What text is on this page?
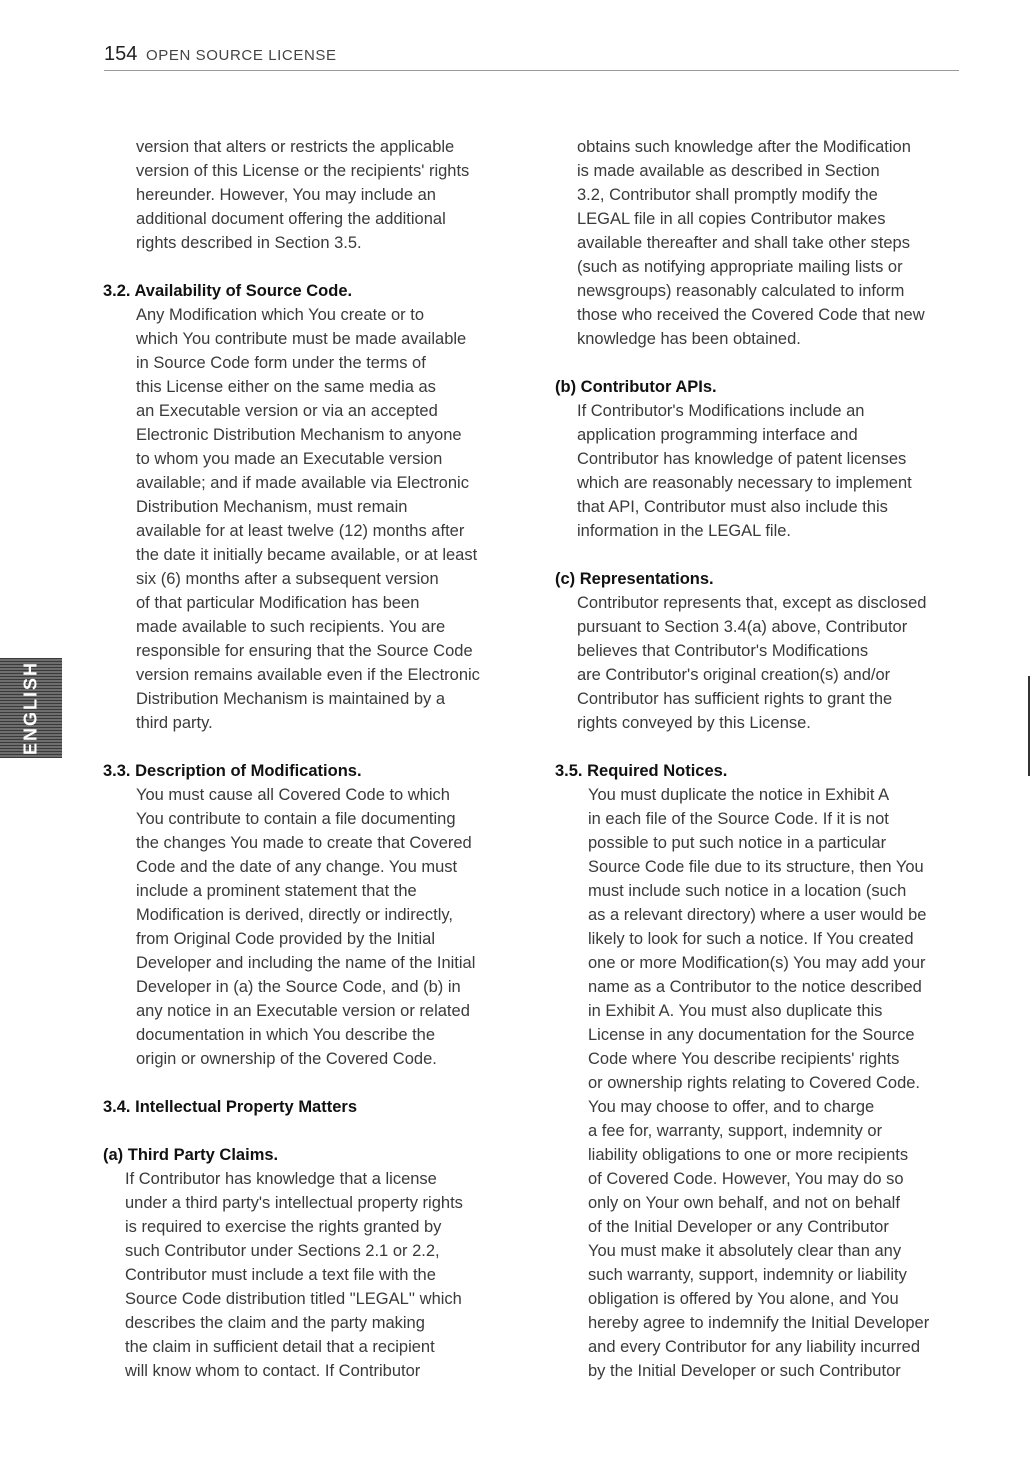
154 OPEN SOURCE LICENSE
ENGLISH
version that alters or restricts the applicable
version of this License or the recipients' rights
hereunder. However, You may include an
additional document offering the additional
rights described in Section 3.5.
3.2. Availability of Source Code.
Any Modification which You create or to
which You contribute must be made available
in Source Code form under the terms of
this License either on the same media as
an Executable version or via an accepted
Electronic Distribution Mechanism to anyone
to whom you made an Executable version
available; and if made available via Electronic
Distribution Mechanism, must remain
available for at least twelve (12) months after
the date it initially became available, or at least
six (6) months after a subsequent version
of that particular Modification has been
made available to such recipients. You are
responsible for ensuring that the Source Code
version remains available even if the Electronic
Distribution Mechanism is maintained by a
third party.
3.3. Description of Modifications.
You must cause all Covered Code to which
You contribute to contain a file documenting
the changes You made to create that Covered
Code and the date of any change. You must
include a prominent statement that the
Modification is derived, directly or indirectly,
from Original Code provided by the Initial
Developer and including the name of the Initial
Developer in (a) the Source Code, and (b) in
any notice in an Executable version or related
documentation in which You describe the
origin or ownership of the Covered Code.
3.4. Intellectual Property Matters
(a) Third Party Claims.
If Contributor has knowledge that a license
under a third party's intellectual property rights
is required to exercise the rights granted by
such Contributor under Sections 2.1 or 2.2,
Contributor must include a text file with the
Source Code distribution titled "LEGAL'' which
describes the claim and the party making
the claim in sufficient detail that a recipient
will know whom to contact. If Contributor
obtains such knowledge after the Modification
is made available as described in Section
3.2, Contributor shall promptly modify the
LEGAL file in all copies Contributor makes
available thereafter and shall take other steps
(such as notifying appropriate mailing lists or
newsgroups) reasonably calculated to inform
those who received the Covered Code that new
knowledge has been obtained.
(b) Contributor APIs.
If Contributor's Modifications include an
application programming interface and
Contributor has knowledge of patent licenses
which are reasonably necessary to implement
that API, Contributor must also include this
information in the LEGAL file.
(c) Representations.
Contributor represents that, except as disclosed
pursuant to Section 3.4(a) above, Contributor
believes that Contributor's Modifications
are Contributor's original creation(s) and/or
Contributor has sufficient rights to grant the
rights conveyed by this License.
3.5. Required Notices.
You must duplicate the notice in Exhibit A
in each file of the Source Code. If it is not
possible to put such notice in a particular
Source Code file due to its structure, then You
must include such notice in a location (such
as a relevant directory) where a user would be
likely to look for such a notice. If You created
one or more Modification(s) You may add your
name as a Contributor to the notice described
in Exhibit A. You must also duplicate this
License in any documentation for the Source
Code where You describe recipients' rights
or ownership rights relating to Covered Code.
You may choose to offer, and to charge
a fee for, warranty, support, indemnity or
liability obligations to one or more recipients
of Covered Code. However, You may do so
only on Your own behalf, and not on behalf
of the Initial Developer or any Contributor
You must make it absolutely clear than any
such warranty, support, indemnity or liability
obligation is offered by You alone, and You
hereby agree to indemnify the Initial Developer
and every Contributor for any liability incurred
by the Initial Developer or such Contributor
